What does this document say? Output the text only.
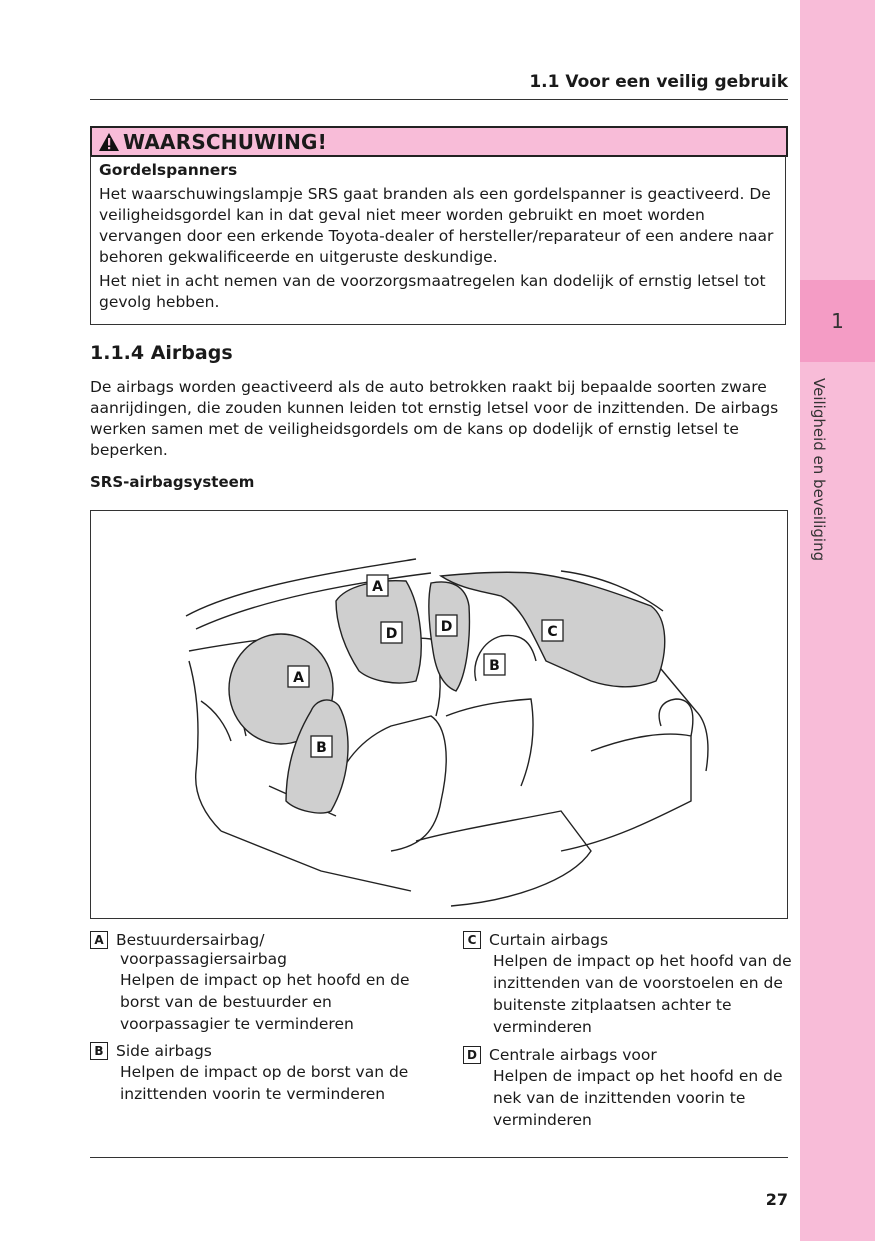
1
Veiligheid en beveiliging
1.1 Voor een veilig gebruik
WAARSCHUWING!

Gordelspanners

Het waarschuwingslampje SRS gaat branden als een gordelspanner is geactiveerd. De veiligheidsgordel kan in dat geval niet meer worden gebruikt en moet worden vervangen door een erkende Toyota-dealer of hersteller/reparateur of een andere naar behoren gekwalificeerde en uitgeruste deskundige.

Het niet in acht nemen van de voorzorgsmaatregelen kan dodelijk of ernstig letsel tot gevolg hebben.

1.1.4 Airbags
De airbags worden geactiveerd als de auto betrokken raakt bij bepaalde soorten zware aanrijdingen, die zouden kunnen leiden tot ernstig letsel voor de inzittenden. De airbags werken samen met de veiligheidsgordels om de kans op dodelijk of ernstig letsel te beperken.
SRS-airbagsysteem
A
A
D	D	C
B
B
A Bestuurdersairbag/
voorpassagiersairbag
Helpen de impact op het hoofd en de borst van de bestuurder en voorpassagier te verminderen
B Side airbags
Helpen de impact op de borst van de inzittenden voorin te verminderen
C Curtain airbags
Helpen de impact op het hoofd van de inzittenden van de voorstoelen en de buitenste zitplaatsen achter te verminderen
D Centrale airbags voor
Helpen de impact op het hoofd en de nek van de inzittenden voorin te verminderen
27
